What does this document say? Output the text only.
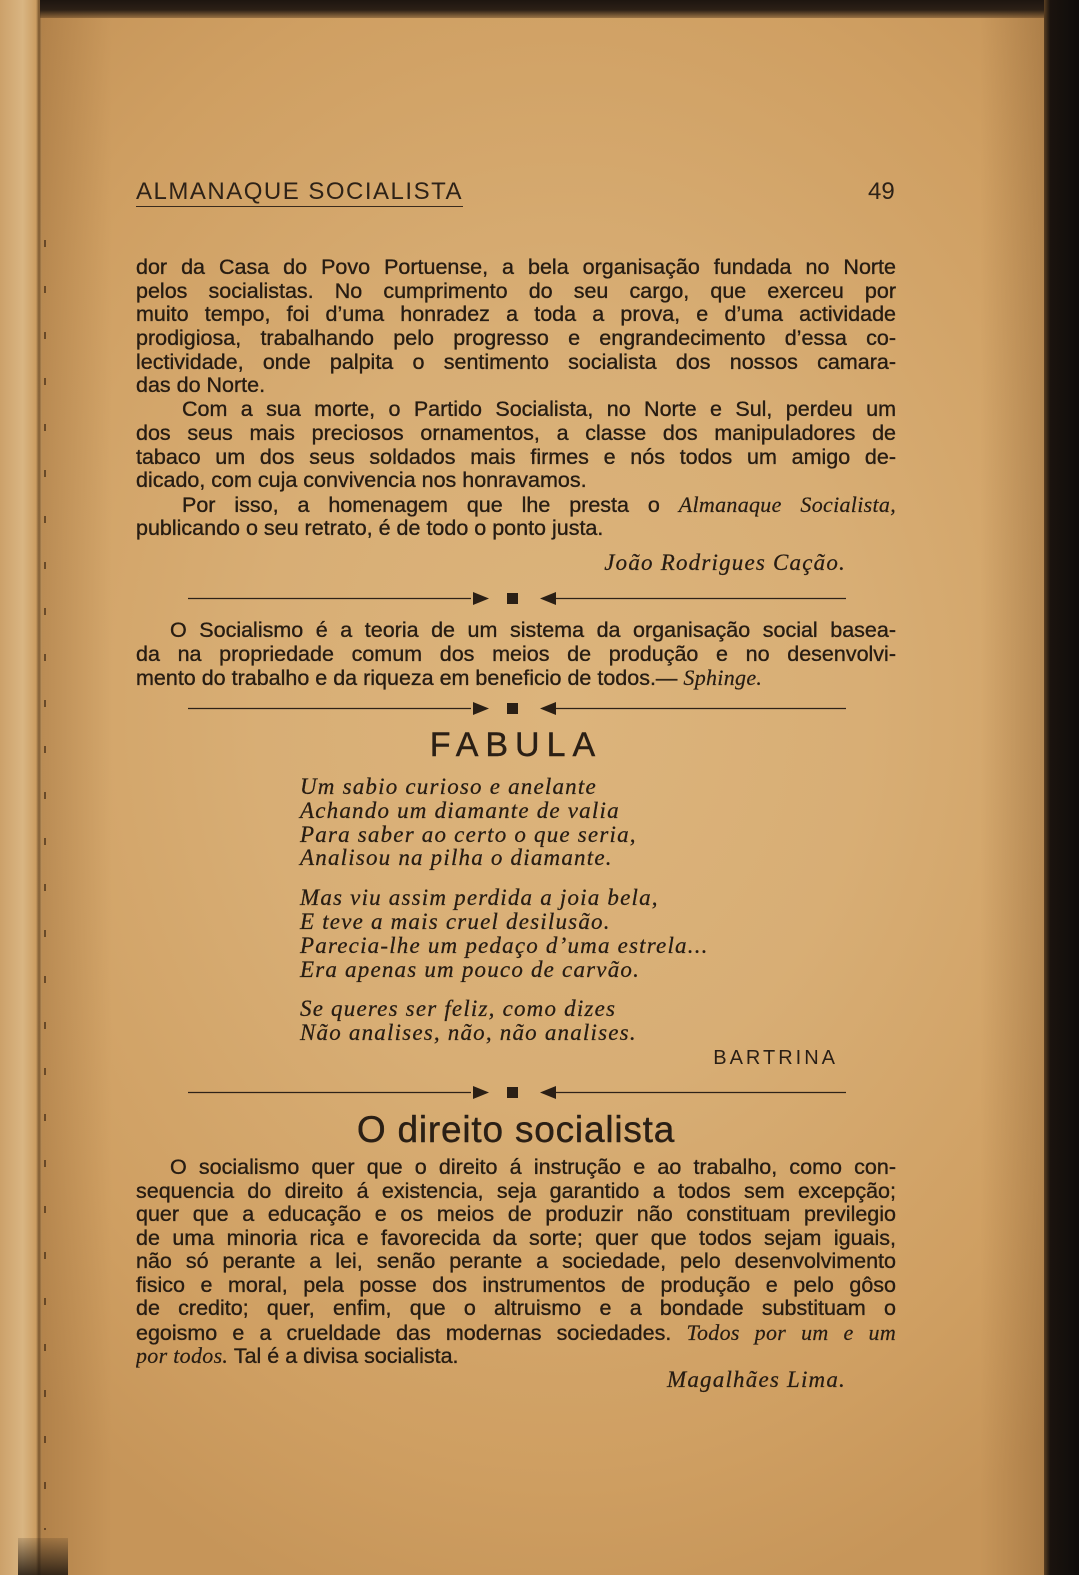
ALMANAQUE SOCIALISTA	49
dor da Casa do Povo Portuense, a bela organisação fundada no Norte
pelos socialistas. No cumprimento do seu cargo, que exerceu por
muito tempo, foi d’uma honradez a toda a prova, e d’uma actividade
prodigiosa, trabalhando pelo progresso e engrandecimento d’essa co-
lectividade, onde palpita o sentimento socialista dos nossos camara-
das do Norte.
Com a sua morte, o Partido Socialista, no Norte e Sul, perdeu um
dos seus mais preciosos ornamentos, a classe dos manipuladores de
tabaco um dos seus soldados mais firmes e nós todos um amigo de-
dicado, com cuja convivencia nos honravamos.
Por isso, a homenagem que lhe presta o Almanaque Socialista,
publicando o seu retrato, é de todo o ponto justa.
João Rodrigues Cação.
O Socialismo é a teoria de um sistema da organisação social basea-
da na propriedade comum dos meios de produção e no desenvolvi-
mento do trabalho e da riqueza em beneficio de todos.— Sphinge.
FABULA
Um sabio curioso e anelante
Achando um diamante de valia
Para saber ao certo o que seria,
Analisou na pilha o diamante.
Mas viu assim perdida a joia bela,
E teve a mais cruel desilusão.
Parecia-lhe um pedaço d’uma estrela...
Era apenas um pouco de carvão.
Se queres ser feliz, como dizes
Não analises, não, não analises.
BARTRINA
O direito socialista
O socialismo quer que o direito á instrução e ao trabalho, como con-
sequencia do direito á existencia, seja garantido a todos sem excepção;
quer que a educação e os meios de produzir não constituam previlegio
de uma minoria rica e favorecida da sorte; quer que todos sejam iguais,
não só perante a lei, senão perante a sociedade, pelo desenvolvimento
fisico e moral, pela posse dos instrumentos de produção e pelo gôso
de credito; quer, enfim, que o altruismo e a bondade substituam o
egoismo e a crueldade das modernas sociedades. Todos por um e um
por todos. Tal é a divisa socialista.
Magalhães Lima.
